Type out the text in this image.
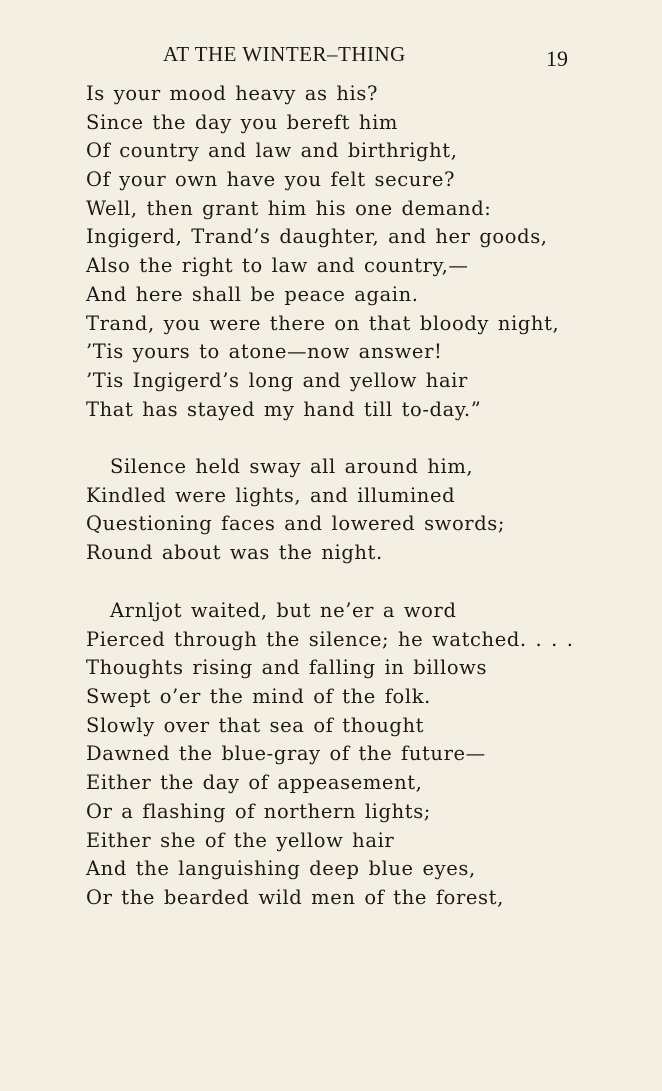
AT THE WINTER–THING	19
Is your mood heavy as his?
Since the day you bereft him
Of country and law and birthright,
Of your own have you felt secure?
Well, then grant him his one demand:
Ingigerd, Trand’s daughter, and her goods,
Also the right to law and country,—
And here shall be peace again.
Trand, you were there on that bloody night,
’Tis yours to atone—now answer!
’Tis Ingigerd’s long and yellow hair
That has stayed my hand till to-day.”
Silence held sway all around him,
Kindled were lights, and illumined
Questioning faces and lowered swords;
Round about was the night.
Arnljot waited, but ne’er a word
Pierced through the silence; he watched. . . .
Thoughts rising and falling in billows
Swept o’er the mind of the folk.
Slowly over that sea of thought
Dawned the blue-gray of the future—
Either the day of appeasement,
Or a flashing of northern lights;
Either she of the yellow hair
And the languishing deep blue eyes,
Or the bearded wild men of the forest,
